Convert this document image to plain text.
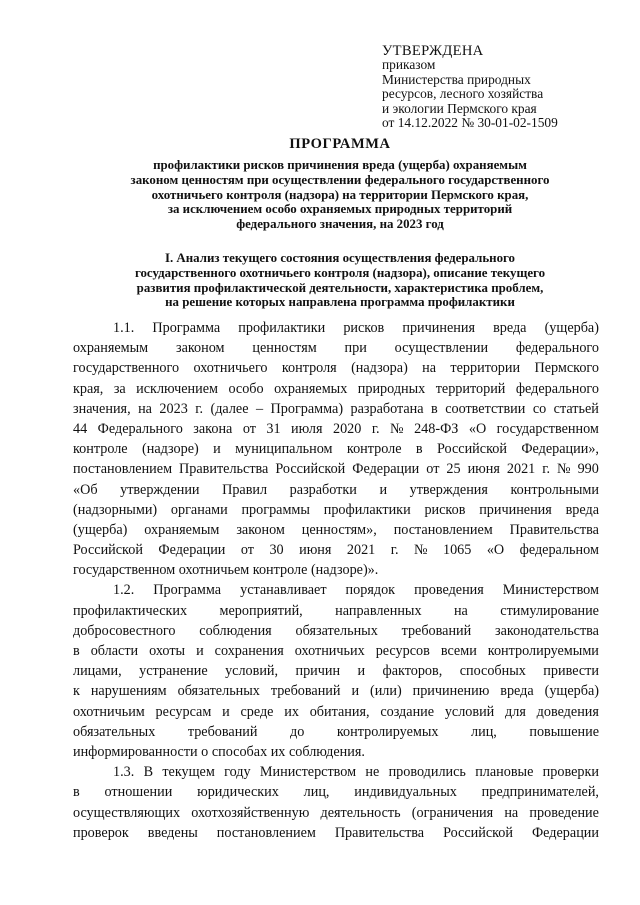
УТВЕРЖДЕНА
приказом
Министерства природных
ресурсов, лесного хозяйства
и экологии Пермского края
от 14.12.2022 № 30-01-02-1509
ПРОГРАММА
профилактики рисков причинения вреда (ущерба) охраняемым
законом ценностям при осуществлении федерального государственного
охотничьего контроля (надзора) на территории Пермского края,
за исключением особо охраняемых природных территорий
федерального значения, на 2023 год
I. Анализ текущего состояния осуществления федерального
государственного охотничьего контроля (надзора), описание текущего
развития профилактической деятельности, характеристика проблем,
на решение которых направлена программа профилактики
1.1. Программа профилактики рисков причинения вреда (ущерба)
охраняемым законом ценностям при осуществлении федерального
государственного охотничьего контроля (надзора) на территории Пермского
края, за исключением особо охраняемых природных территорий федерального
значения, на 2023 г. (далее – Программа) разработана в соответствии со статьей
44 Федерального закона от 31 июля 2020 г. № 248-ФЗ «О государственном
контроле (надзоре) и муниципальном контроле в Российской Федерации»,
постановлением Правительства Российской Федерации от 25 июня 2021 г. № 990
«Об утверждении Правил разработки и утверждения контрольными
(надзорными) органами программы профилактики рисков причинения вреда
(ущерба) охраняемым законом ценностям», постановлением Правительства
Российской Федерации от 30 июня 2021 г. № 1065 «О федеральном
государственном охотничьем контроле (надзоре)».
1.2. Программа устанавливает порядок проведения Министерством
профилактических мероприятий, направленных на стимулирование
добросовестного соблюдения обязательных требований законодательства
в области охоты и сохранения охотничьих ресурсов всеми контролируемыми
лицами, устранение условий, причин и факторов, способных привести
к нарушениям обязательных требований и (или) причинению вреда (ущерба)
охотничьим ресурсам и среде их обитания, создание условий для доведения
обязательных требований до контролируемых лиц, повышение
информированности о способах их соблюдения.
1.3. В текущем году Министерством не проводились плановые проверки
в отношении юридических лиц, индивидуальных предпринимателей,
осуществляющих охотхозяйственную деятельность (ограничения на проведение
проверок введены постановлением Правительства Российской Федерации
